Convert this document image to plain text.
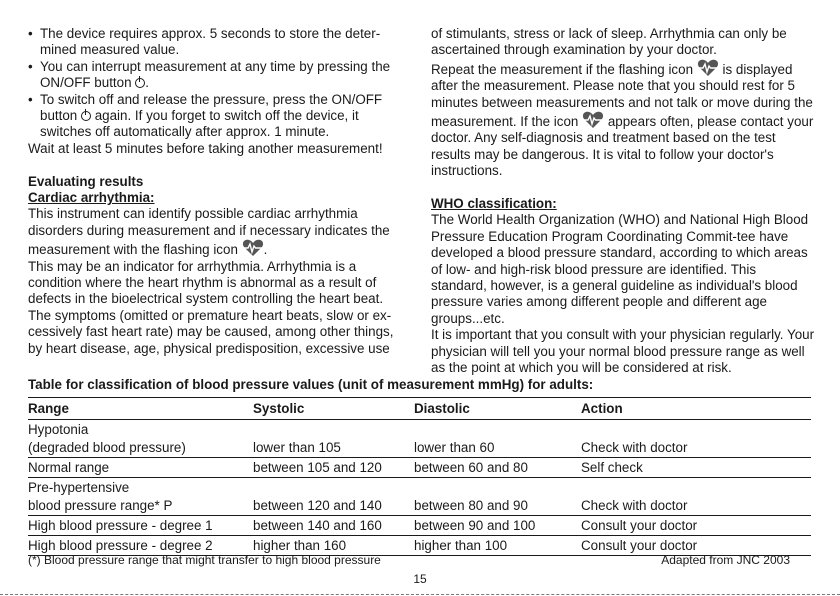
• The device requires approx. 5 seconds to store the deter-mined measured value.
• You can interrupt measurement at any time by pressing the ON/OFF button .
• To switch off and release the pressure, press the ON/OFF button again. If you forget to switch off the device, it switches off automatically after approx. 1 minute.

Wait at least 5 minutes before taking another measurement!

Evaluating results

Cardiac arrhythmia:

This instrument can identify possible cardiac arrhythmia disorders during measurement and if necessary indicates the measurement with the flashing icon .

This may be an indicator for arrhythmia. Arrhythmia is a condition where the heart rhythm is abnormal as a result of defects in the bioelectrical system controlling the heart beat. The symptoms (omitted or premature heart beats, slow or ex-cessively fast heart rate) may be caused, among other things, by heart disease, age, physical predisposition, excessive use

of stimulants, stress or lack of sleep. Arrhythmia can only be ascertained through examination by your doctor.

Repeat the measurement if the flashing icon is displayed after the measurement. Please note that you should rest for 5 minutes between measurements and not talk or move during the measurement. If the icon appears often, please contact your doctor. Any self-diagnosis and treatment based on the test results may be dangerous. It is vital to follow your doctor's instructions.

WHO classification:

The World Health Organization (WHO) and National High Blood Pressure Education Program Coordinating Commit-tee have developed a blood pressure standard, according to which areas of low- and high-risk blood pressure are identified. This standard, however, is a general guideline as individual's blood pressure varies among different people and different age groups...etc.

It is important that you consult with your physician regularly. Your physician will tell you your normal blood pressure range as well as the point at which you will be considered at risk.

Table for classification of blood pressure values (unit of measurement mmHg) for adults:
Range	Systolic	Diastolic	Action
Hypotonia			
(degraded blood pressure)	lower than 105	lower than 60	Check with doctor
Normal range	between 105 and 120	between 60 and 80	Self check
Pre-hypertensive			
blood pressure range* P	between 120 and 140	between 80 and 90	Check with doctor
High blood pressure - degree 1	between 140 and 160	between 90 and 100	Consult your doctor
High blood pressure - degree 2	higher than 160	higher than 100	Consult your doctor
(*) Blood pressure range that might transfer to high blood pressure	Adapted from JNC 2003
15
